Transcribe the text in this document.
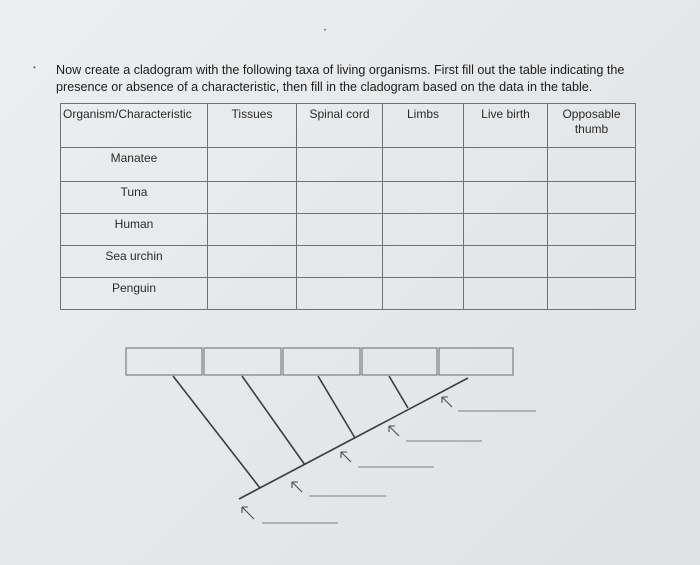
•
•
Now create a cladogram with the following taxa of living organisms. First fill out the table indicating the
presence or absence of a characteristic, then fill in the cladogram based on the data in the table.
Organism/Characteristic	Tissues	Spinal cord	Limbs	Live birth	Opposable thumb
Manatee					
Tuna					
Human					
Sea urchin					
Penguin					
